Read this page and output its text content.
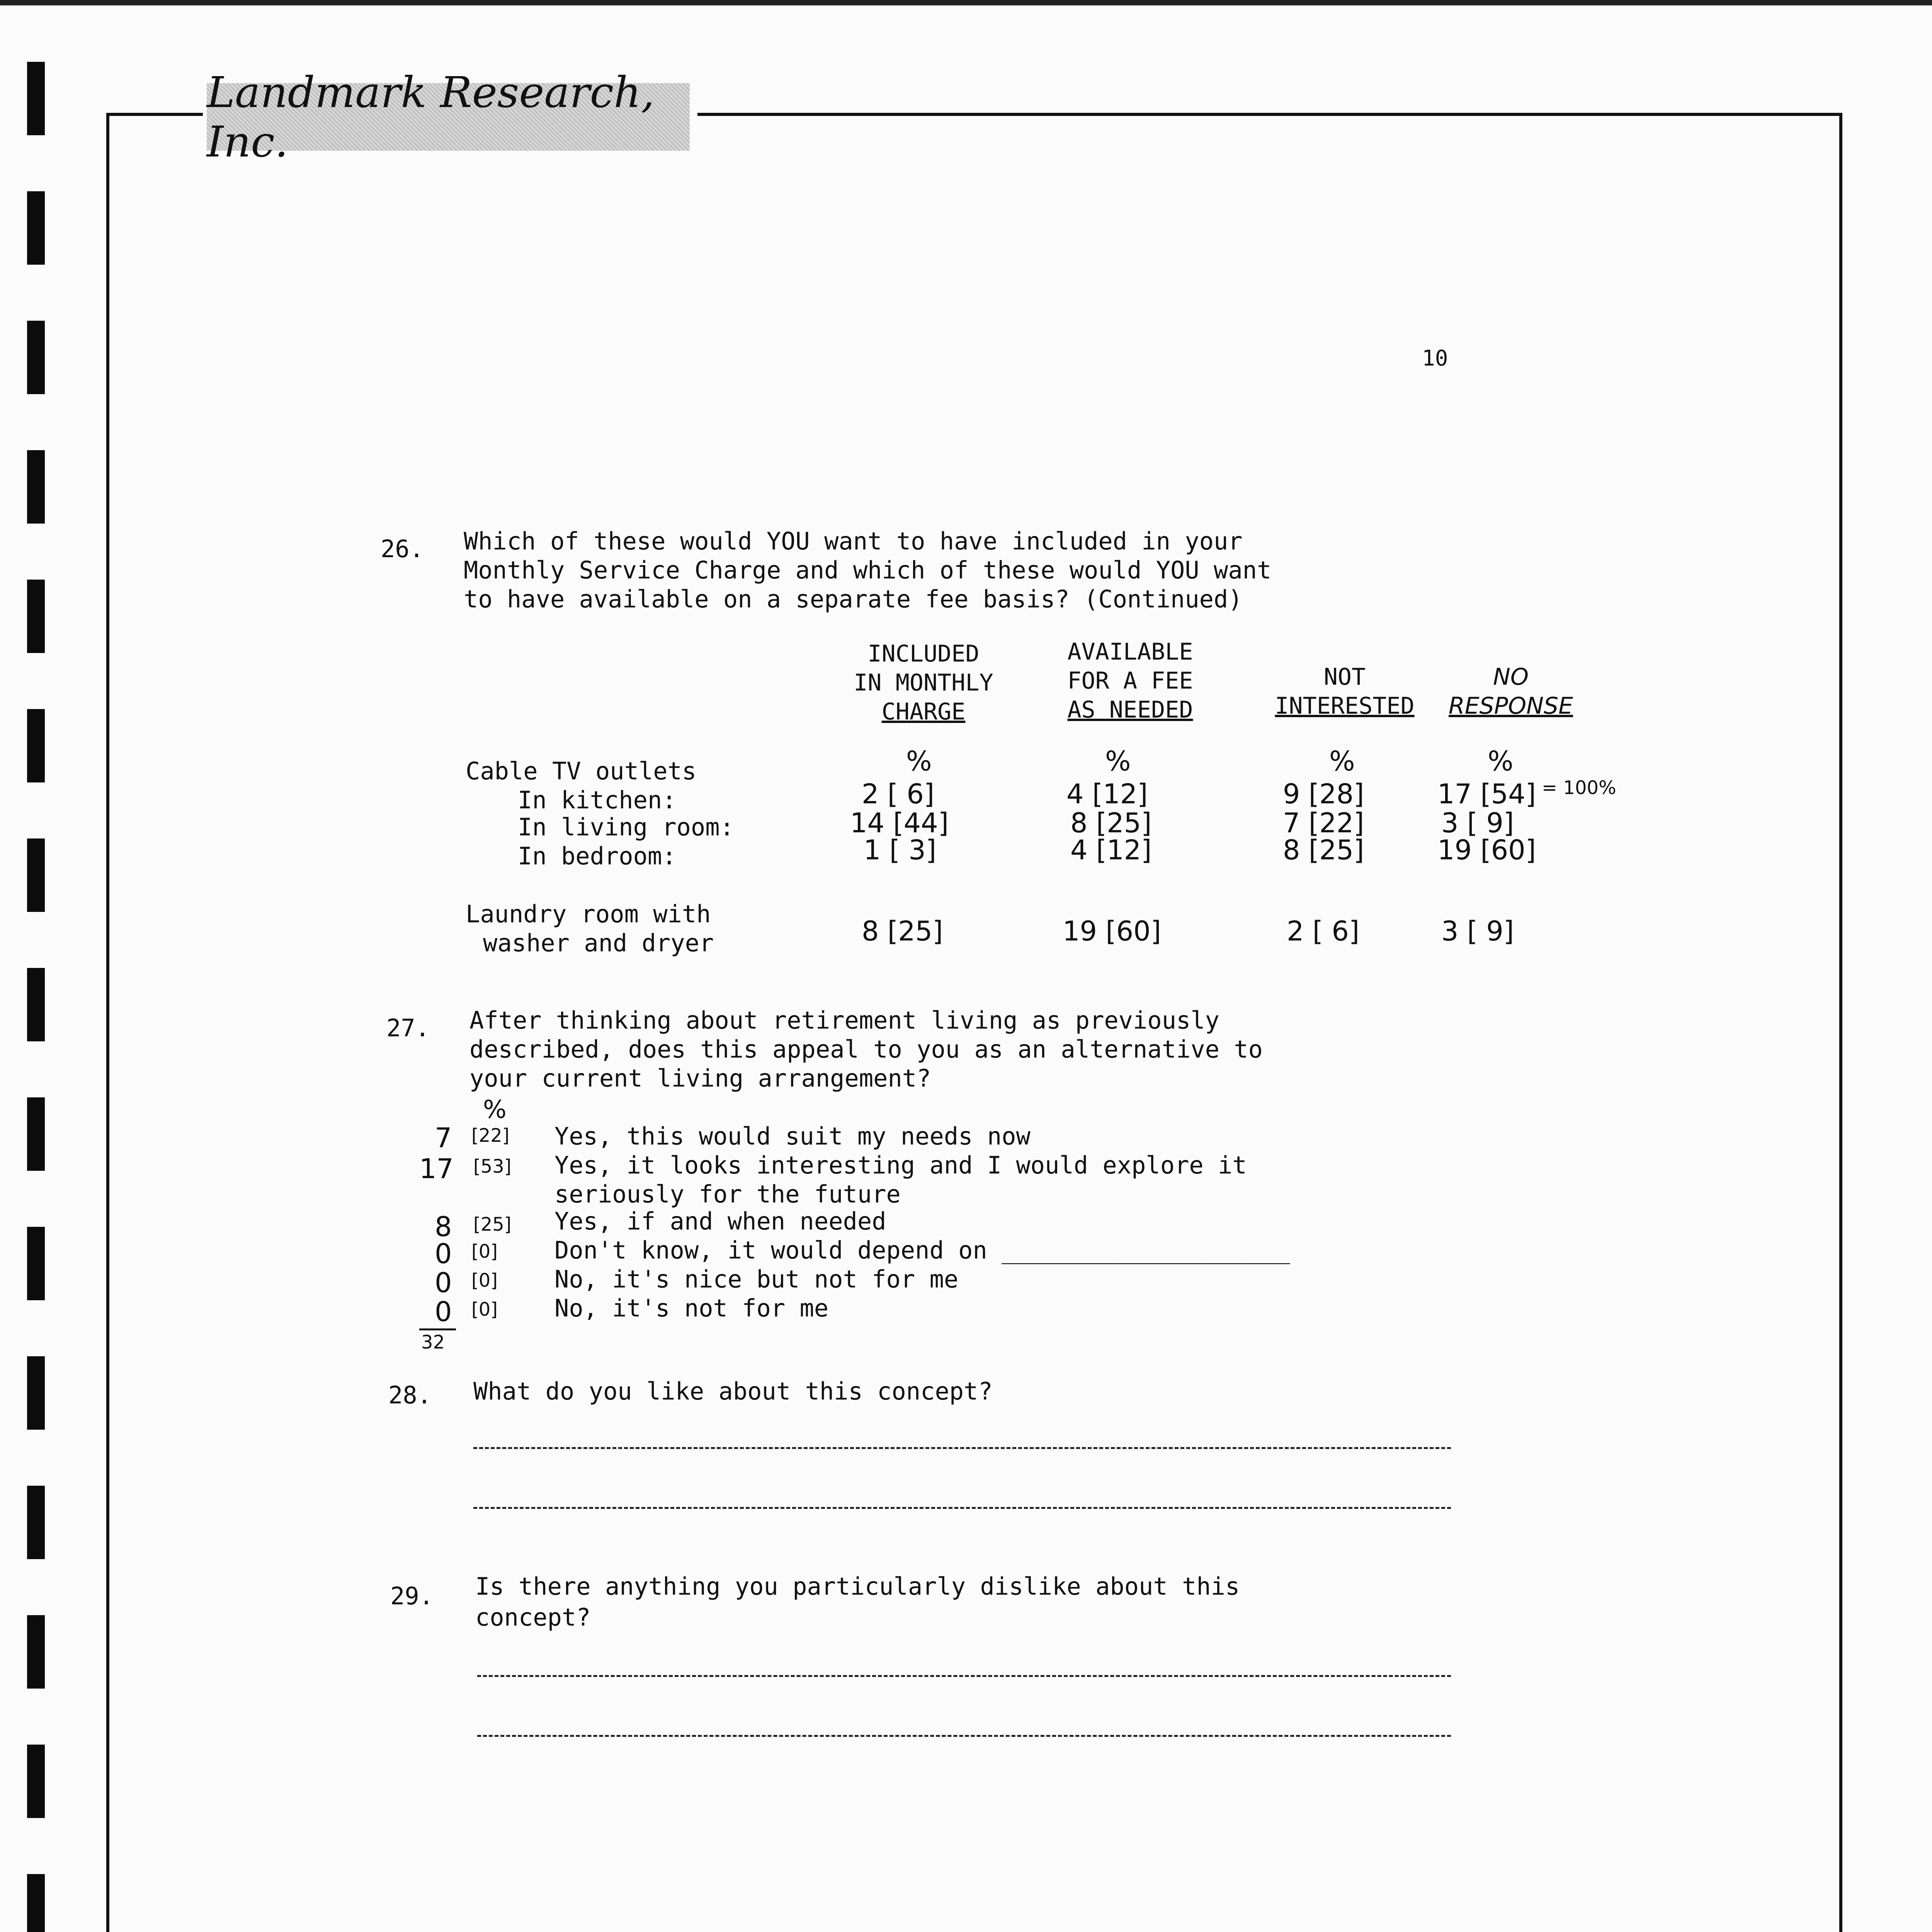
Landmark Research, Inc.
10
26. Which of these would YOU want to have included in your
Monthly Service Charge and which of these would YOU want
to have available on a separate fee basis? (Continued)
INCLUDED
IN MONTHLY
CHARGE
AVAILABLE
FOR A FEE
AS NEEDED
NOT
INTERESTED
NO
RESPONSE
%	%	%	%
Cable TV outlets
In kitchen:	2 [ 6]	4 [12]	9 [28]	17 [54] = 100%
In living room:	14 [44]	8 [25]	7 [22]	3 [ 9]
In bedroom:	1 [ 3]	4 [12]	8 [25]	19 [60]
Laundry room with
washer and dryer	8 [25]	19 [60]	2 [ 6]	3 [ 9]
27. After thinking about retirement living as previously
described, does this appeal to you as an alternative to
your current living arrangement?
%
7 [22] Yes, this would suit my needs now
17 [53] Yes, it looks interesting and I would explore it
seriously for the future
8 [25] Yes, if and when needed
0 [0] Don't know, it would depend on ____________________
0 [0] No, it's nice but not for me
0 [0] No, it's not for me
32
28. What do you like about this concept?
29. Is there anything you particularly dislike about this
concept?
